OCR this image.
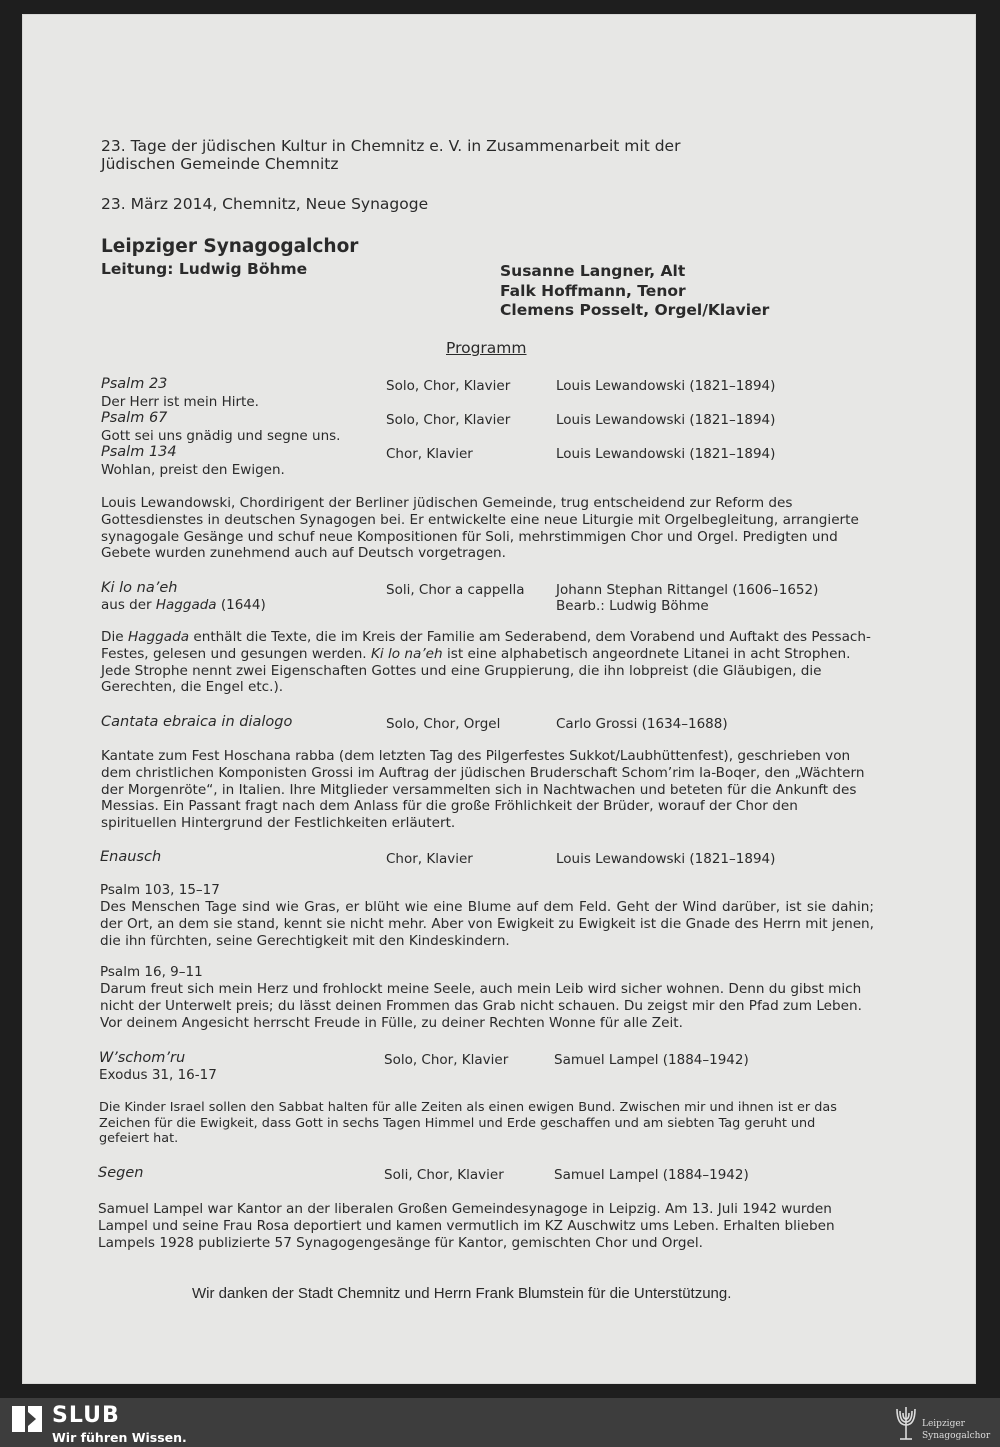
23. Tage der jüdischen Kultur in Chemnitz e. V. in Zusammenarbeit mit der
Jüdischen Gemeinde Chemnitz
23. März 2014, Chemnitz, Neue Synagoge
Leipziger Synagogalchor
Leitung: Ludwig Böhme	Susanne Langner, Alt
Falk Hoffmann, Tenor
Clemens Posselt, Orgel/Klavier
Programm
Psalm 23
Der Herr ist mein Hirte.
Solo, Chor, Klavier	Louis Lewandowski (1821–1894)
Psalm 67
Gott sei uns gnädig und segne uns.
Solo, Chor, Klavier	Louis Lewandowski (1821–1894)
Psalm 134
Wohlan, preist den Ewigen.
Chor, Klavier	Louis Lewandowski (1821–1894)
Louis Lewandowski, Chordirigent der Berliner jüdischen Gemeinde, trug entscheidend zur Reform des Gottesdienstes in deutschen Synagogen bei. Er entwickelte eine neue Liturgie mit Orgelbegleitung, arrangierte synagogale Gesänge und schuf neue Kompositionen für Soli, mehrstimmigen Chor und Orgel. Predigten und Gebete wurden zunehmend auch auf Deutsch vorgetragen.
Ki lo na’eh
aus der Haggada (1644)
Soli, Chor a cappella Johann Stephan Rittangel (1606–1652)
Bearb.: Ludwig Böhme
Die Haggada enthält die Texte, die im Kreis der Familie am Sederabend, dem Vorabend und Auftakt des Pessach-Festes, gelesen und gesungen werden. Ki lo na’eh ist eine alphabetisch angeordnete Litanei in acht Strophen. Jede Strophe nennt zwei Eigenschaften Gottes und eine Gruppierung, die ihn lobpreist (die Gläubigen, die Gerechten, die Engel etc.).
Cantata ebraica in dialogo	Solo, Chor, Orgel	Carlo Grossi (1634–1688)
Kantate zum Fest Hoschana rabba (dem letzten Tag des Pilgerfestes Sukkot/Laubhüttenfest), geschrieben von dem christlichen Komponisten Grossi im Auftrag der jüdischen Bruderschaft Schom’rim la-Boqer, den „Wächtern der Morgenröte“, in Italien. Ihre Mitglieder versammelten sich in Nachtwachen und beteten für die Ankunft des Messias. Ein Passant fragt nach dem Anlass für die große Fröhlichkeit der Brüder, worauf der Chor den spirituellen Hintergrund der Festlichkeiten erläutert.
Enausch	Chor, Klavier	Louis Lewandowski (1821–1894)
Psalm 103, 15–17
Des Menschen Tage sind wie Gras, er blüht wie eine Blume auf dem Feld. Geht der Wind darüber, ist sie dahin; der Ort, an dem sie stand, kennt sie nicht mehr. Aber von Ewigkeit zu Ewigkeit ist die Gnade des Herrn mit jenen, die ihn fürchten, seine Gerechtigkeit mit den Kindeskindern.
Psalm 16, 9–11
Darum freut sich mein Herz und frohlockt meine Seele, auch mein Leib wird sicher wohnen. Denn du gibst mich nicht der Unterwelt preis; du lässt deinen Frommen das Grab nicht schauen. Du zeigst mir den Pfad zum Leben. Vor deinem Angesicht herrscht Freude in Fülle, zu deiner Rechten Wonne für alle Zeit.
W’schom’ru
Exodus 31, 16-17
Solo, Chor, Klavier	Samuel Lampel (1884–1942)
Die Kinder Israel sollen den Sabbat halten für alle Zeiten als einen ewigen Bund. Zwischen mir und ihnen ist er das Zeichen für die Ewigkeit, dass Gott in sechs Tagen Himmel und Erde geschaffen und am siebten Tag geruht und gefeiert hat.
Segen	Soli, Chor, Klavier	Samuel Lampel (1884–1942)
Samuel Lampel war Kantor an der liberalen Großen Gemeindesynagoge in Leipzig. Am 13. Juli 1942 wurden Lampel und seine Frau Rosa deportiert und kamen vermutlich im KZ Auschwitz ums Leben. Erhalten blieben Lampels 1928 publizierte 57 Synagogengesänge für Kantor, gemischten Chor und Orgel.
Wir danken der Stadt Chemnitz und Herrn Frank Blumstein für die Unterstützung.
SLUB
Wir führen Wissen.
Leipziger
Synagogalchor
